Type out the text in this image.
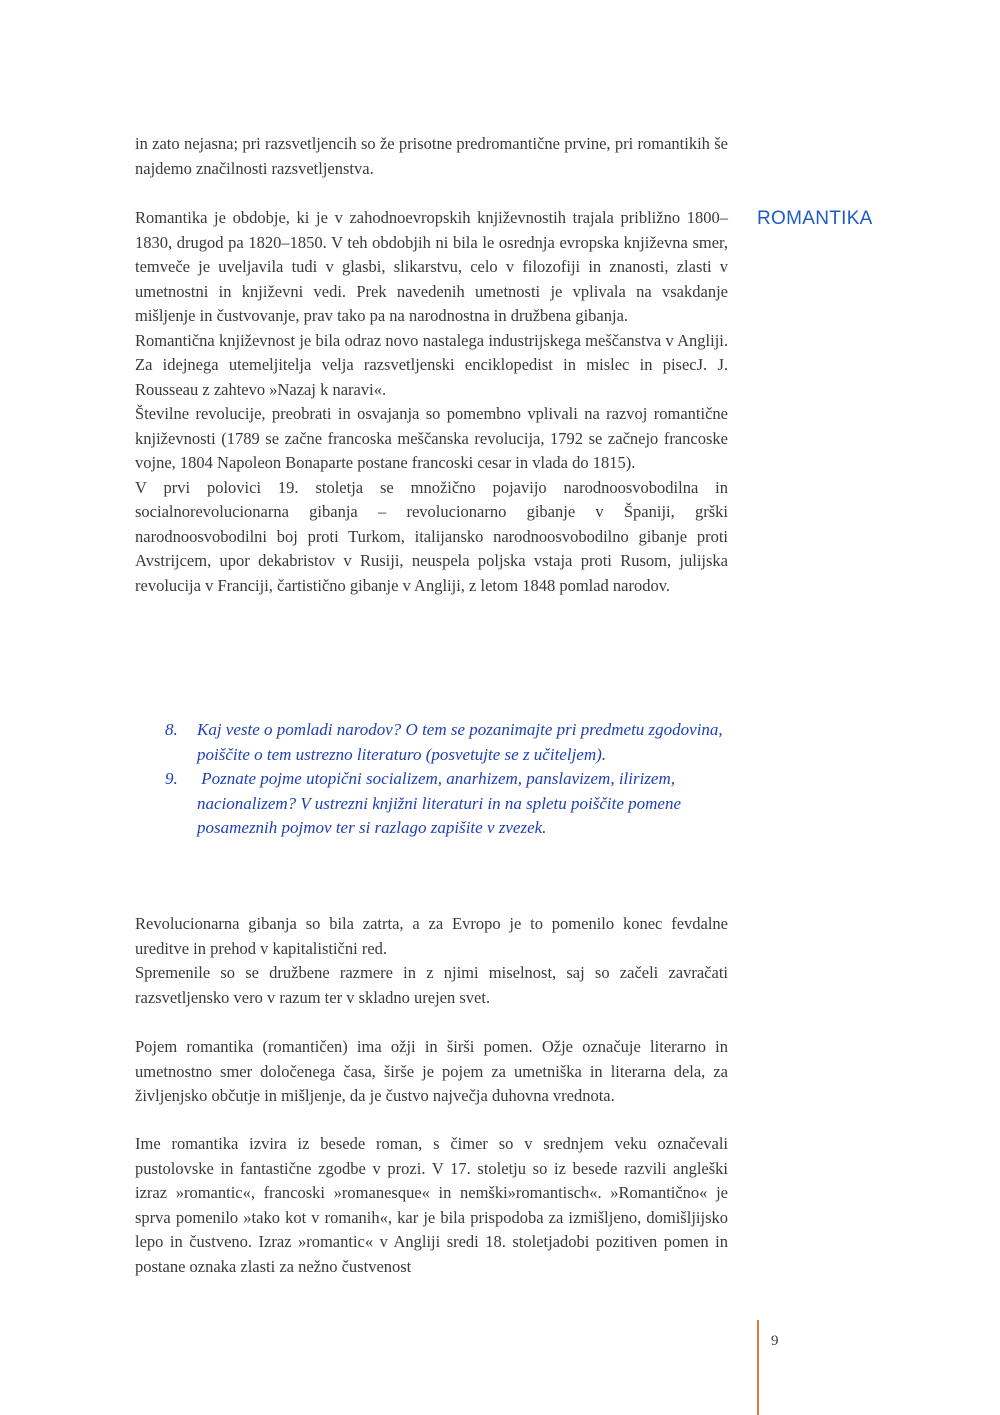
in zato nejasna; pri razsvetljencih so že prisotne predromantične prvine, pri romantikih še najdemo značilnosti razsvetljenstva.

ROMANTIKA

Romantika je obdobje, ki je v zahodnoevropskih književnostih trajala približno 1800–1830, drugod pa 1820–1850. V teh obdobjih ni bila le osrednja evropska književna smer, temveče je uveljavila tudi v glasbi, slikarstvu, celo v filozofiji in znanosti, zlasti v umetnostni in književni vedi. Prek navedenih umetnosti je vplivala na vsakdanje mišljenje in čustvovanje, prav tako pa na narodnostna in družbena gibanja.

Romantična književnost je bila odraz novo nastalega industrijskega meščanstva v Angliji. Za idejnega utemeljitelja velja razsvetljenski enciklopedist in mislec in pisecJ. J. Rousseau z zahtevo »Nazaj k naravi«.

Številne revolucije, preobrati in osvajanja so pomembno vplivali na razvoj romantične književnosti (1789 se začne francoska meščanska revolucija, 1792 se začnejo francoske vojne, 1804 Napoleon Bonaparte postane francoski cesar in vlada do 1815).

V prvi polovici 19. stoletja se množično pojavijo narodnoosvobodilna in socialnorevolucionarna gibanja – revolucionarno gibanje v Španiji, grški narodnoosvobodilni boj proti Turkom, italijansko narodnoosvobodilno gibanje proti Avstrijcem, upor dekabristov v Rusiji, neuspela poljska vstaja proti Rusom, julijska revolucija v Franciji, čartistično gibanje v Angliji, z letom 1848 pomlad narodov.

8.	Kaj veste o pomladi narodov? O tem se pozanimajte pri predmetu zgodovina, poiščite o tem ustrezno literaturo (posvetujte se z učiteljem).
9.	Poznate pojme utopični socializem, anarhizem, panslavizem, ilirizem, nacionalizem? V ustrezni knjižni literaturi in na spletu poiščite pomene posameznih pojmov ter si razlago zapišite v zvezek.

Revolucionarna gibanja so bila zatrta, a za Evropo je to pomenilo konec fevdalne ureditve in prehod v kapitalistični red.

Spremenile so se družbene razmere in z njimi miselnost, saj so začeli zavračati razsvetljensko vero v razum ter v skladno urejen svet.

Pojem romantika (romantičen) ima ožji in širši pomen. Ožje označuje literarno in umetnostno smer določenega časa, širše je pojem za umetniška in literarna dela, za življenjsko občutje in mišljenje, da je čustvo največja duhovna vrednota.

Ime romantika izvira iz besede roman, s čimer so v srednjem veku označevali pustolovske in fantastične zgodbe v prozi. V 17. stoletju so iz besede razvili angleški izraz »romantic«, francoski »romanesque« in nemški»romantisch«. »Romantično« je sprva pomenilo »tako kot v romanih«, kar je bila prispodoba za izmišljeno, domišljijsko lepo in čustveno. Izraz »romantic« v Angliji sredi 18. stoletjadobi pozitiven pomen in postane oznaka zlasti za nežno čustvenost

9
